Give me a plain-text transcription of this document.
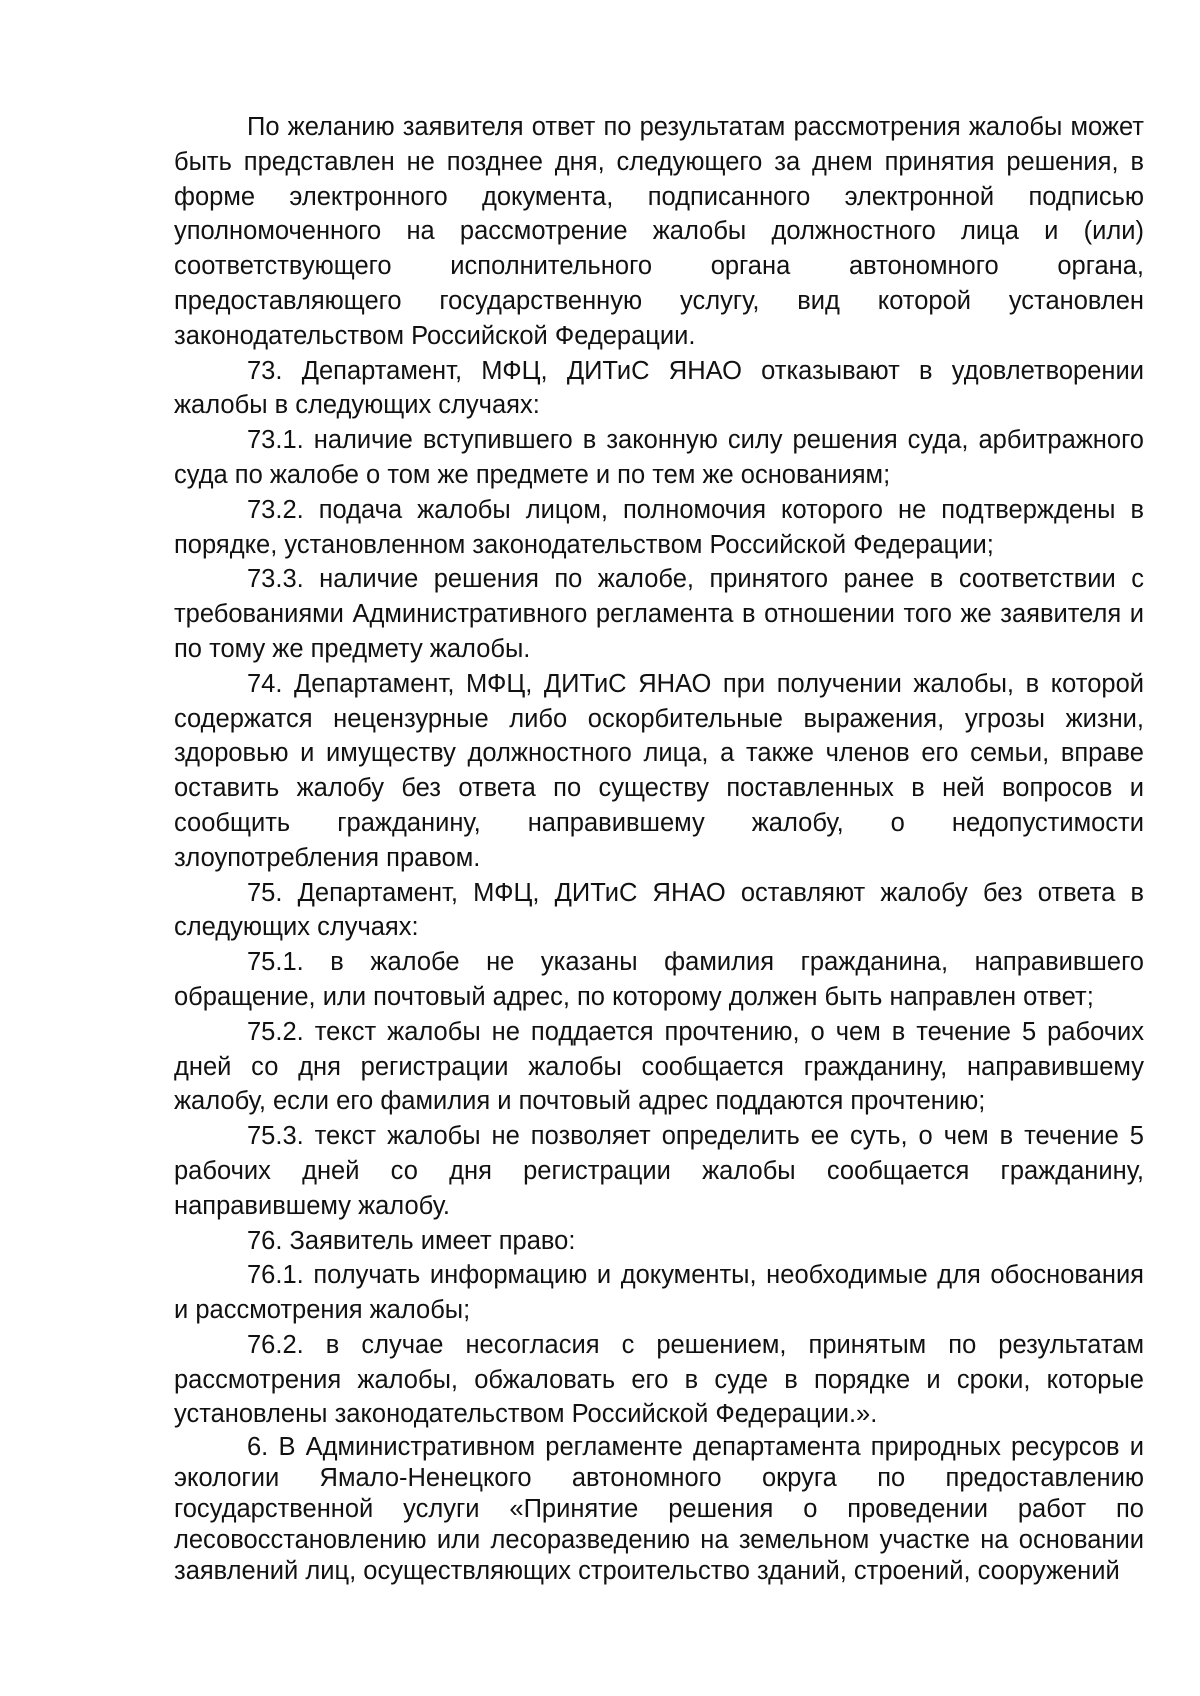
По желанию заявителя ответ по результатам рассмотрения жалобы может быть представлен не позднее дня, следующего за днем принятия решения, в форме электронного документа, подписанного электронной подписью уполномоченного на рассмотрение жалобы должностного лица и (или) соответствующего исполнительного органа автономного органа, предоставляющего государственную услугу, вид которой установлен законодательством Российской Федерации.

73. Департамент, МФЦ, ДИТиС ЯНАО отказывают в удовлетворении жалобы в следующих случаях:

73.1. наличие вступившего в законную силу решения суда, арбитражного суда по жалобе о том же предмете и по тем же основаниям;

73.2. подача жалобы лицом, полномочия которого не подтверждены в порядке, установленном законодательством Российской Федерации;

73.3. наличие решения по жалобе, принятого ранее в соответствии с требованиями Административного регламента в отношении того же заявителя и по тому же предмету жалобы.

74. Департамент, МФЦ, ДИТиС ЯНАО при получении жалобы, в которой содержатся нецензурные либо оскорбительные выражения, угрозы жизни, здоровью и имуществу должностного лица, а также членов его семьи, вправе оставить жалобу без ответа по существу поставленных в ней вопросов и сообщить гражданину, направившему жалобу, о недопустимости злоупотребления правом.

75. Департамент, МФЦ, ДИТиС ЯНАО оставляют жалобу без ответа в следующих случаях:

75.1. в жалобе не указаны фамилия гражданина, направившего обращение, или почтовый адрес, по которому должен быть направлен ответ;

75.2. текст жалобы не поддается прочтению, о чем в течение 5 рабочих дней со дня регистрации жалобы сообщается гражданину, направившему жалобу, если его фамилия и почтовый адрес поддаются прочтению;

75.3. текст жалобы не позволяет определить ее суть, о чем в течение 5 рабочих дней со дня регистрации жалобы сообщается гражданину, направившему жалобу.

76. Заявитель имеет право:

76.1. получать информацию и документы, необходимые для обоснования и рассмотрения жалобы;

76.2. в случае несогласия с решением, принятым по результатам рассмотрения жалобы, обжаловать его в суде в порядке и сроки, которые установлены законодательством Российской Федерации.».

6. В Административном регламенте департамента природных ресурсов и экологии Ямало-Ненецкого автономного округа по предоставлению государственной услуги «Принятие решения о проведении работ по лесовосстановлению или лесоразведению на земельном участке на основании заявлений лиц, осуществляющих строительство зданий, строений, сооружений
